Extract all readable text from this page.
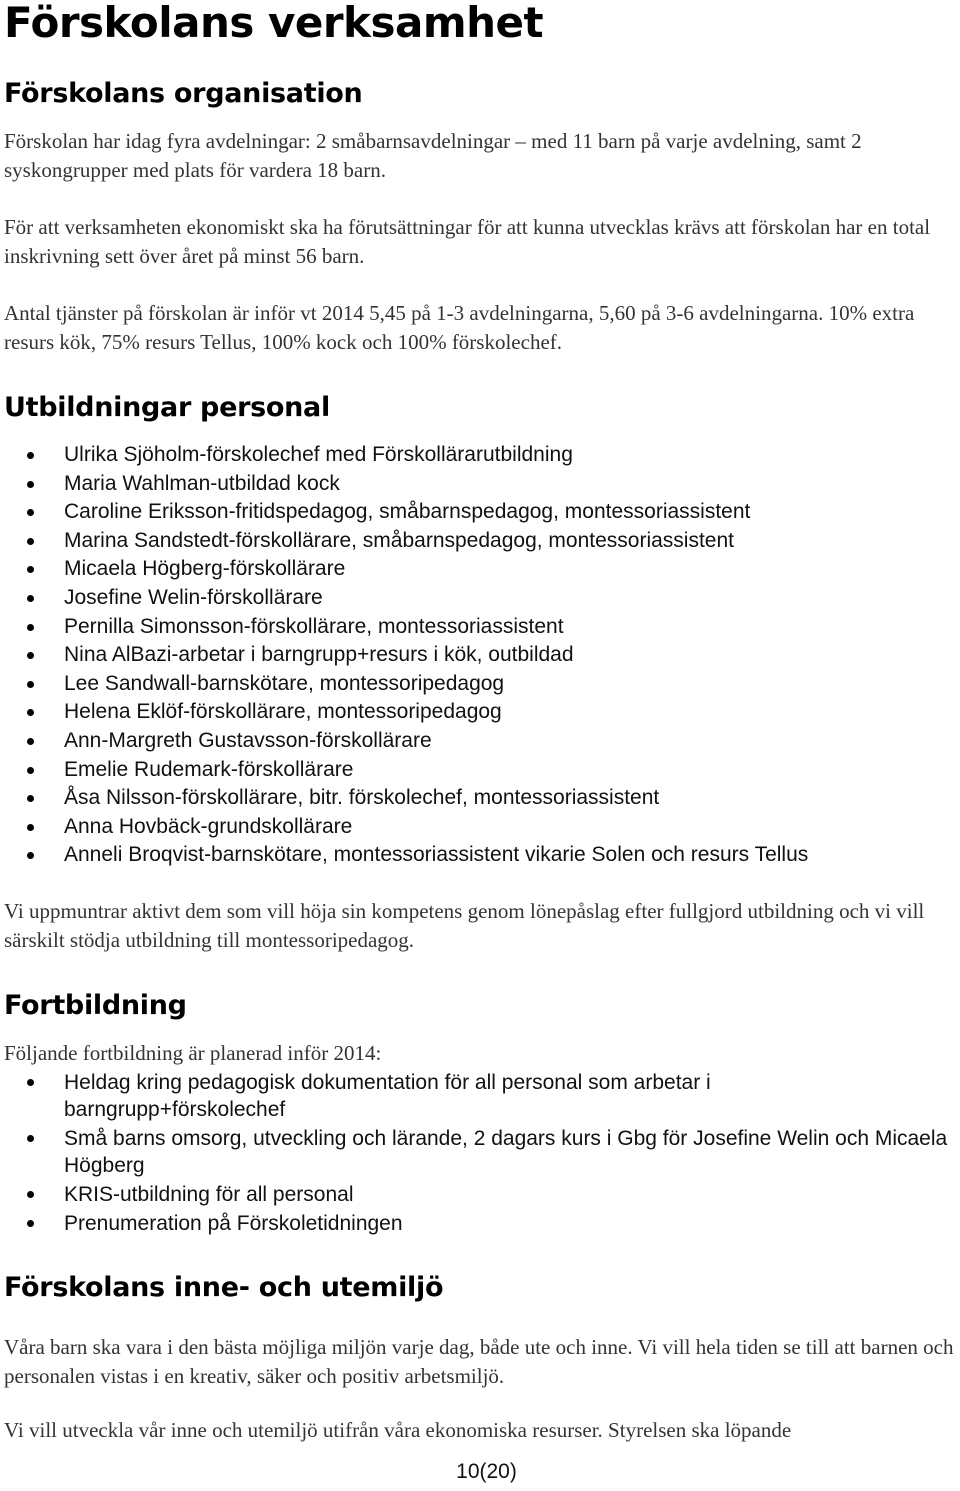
Förskolans verksamhet
Förskolans organisation

Förskolan har idag fyra avdelningar: 2 småbarnsavdelningar – med 11 barn på varje avdelning, samt 2 syskongrupper med plats för vardera 18 barn.

För att verksamheten ekonomiskt ska ha förutsättningar för att kunna utvecklas krävs att förskolan har en total inskrivning sett över året på minst 56 barn.

Antal tjänster på förskolan är inför vt 2014 5,45 på 1-3 avdelningarna, 5,60 på 3-6 avdelningarna. 10% extra resurs kök, 75% resurs Tellus, 100% kock och 100% förskolechef.

Utbildningar personal
Ulrika Sjöholm-förskolechef med Förskollärarutbildning
Maria Wahlman-utbildad kock
Caroline Eriksson-fritidspedagog, småbarnspedagog, montessoriassistent
Marina Sandstedt-förskollärare, småbarnspedagog, montessoriassistent
Micaela Högberg-förskollärare
Josefine Welin-förskollärare
Pernilla Simonsson-förskollärare, montessoriassistent
Nina AlBazi-arbetar i barngrupp+resurs i kök, outbildad
Lee Sandwall-barnskötare, montessoripedagog
Helena Eklöf-förskollärare, montessoripedagog
Ann-Margreth Gustavsson-förskollärare
Emelie Rudemark-förskollärare
Åsa Nilsson-förskollärare, bitr. förskolechef, montessoriassistent
Anna Hovbäck-grundskollärare
Anneli Broqvist-barnskötare, montessoriassistent vikarie Solen och resurs Tellus

Vi uppmuntrar aktivt dem som vill höja sin kompetens genom lönepåslag efter fullgjord utbildning och vi vill särskilt stödja utbildning till montessoripedagog.

Fortbildning

Följande fortbildning är planerad inför 2014:

Heldag kring pedagogisk dokumentation för all personal som arbetar i barngrupp+förskolechef
Små barns omsorg, utveckling och lärande, 2 dagars kurs i Gbg för Josefine Welin och Micaela Högberg
KRIS-utbildning för all personal
Prenumeration på Förskoletidningen
Förskolans inne- och utemiljö

Våra barn ska vara i den bästa möjliga miljön varje dag, både ute och inne. Vi vill hela tiden se till att barnen och personalen vistas i en kreativ, säker och positiv arbetsmiljö.

Vi vill utveckla vår inne och utemiljö utifrån våra ekonomiska resurser. Styrelsen ska löpande

10(20)
